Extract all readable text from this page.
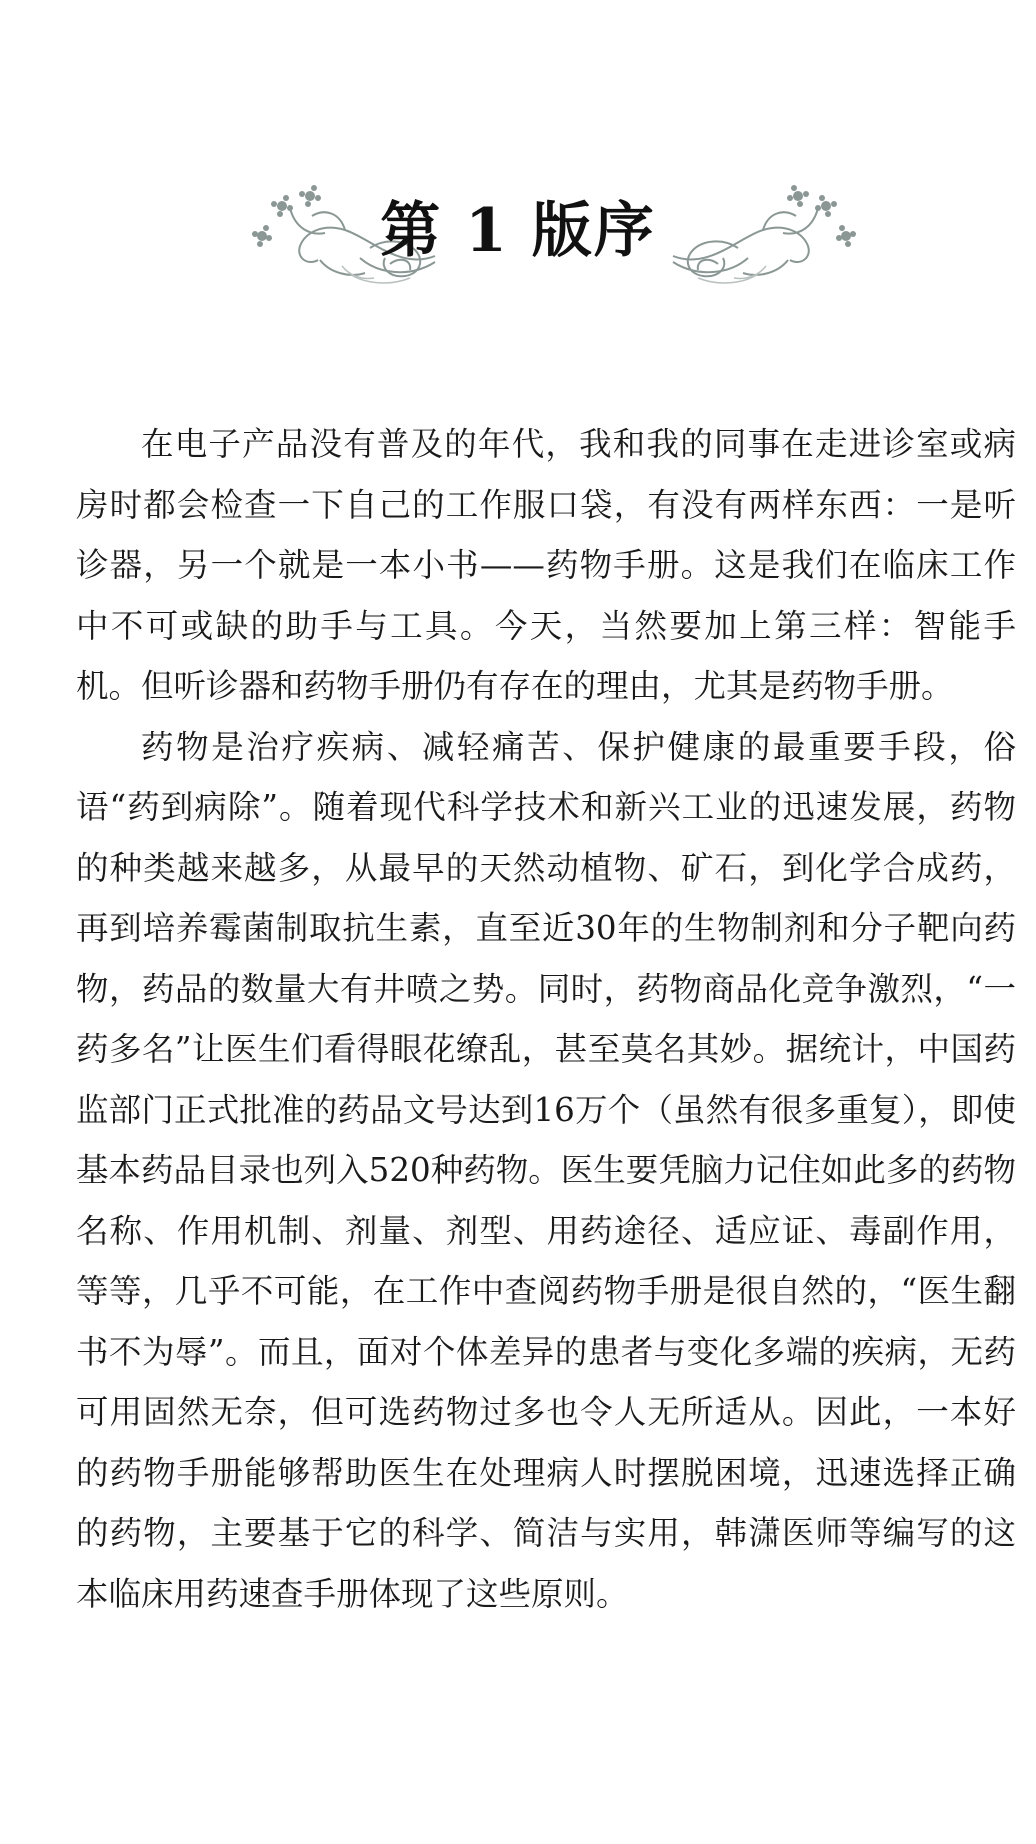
第 1 版序

在电子产品没有普及的年代，我和我的同事在走进诊室或病房时都会检查一下自己的工作服口袋，有没有两样东西：一是听诊器，另一个就是一本小书——药物手册。这是我们在临床工作中不可或缺的助手与工具。今天，当然要加上第三样：智能手机。但听诊器和药物手册仍有存在的理由，尤其是药物手册。

药物是治疗疾病、减轻痛苦、保护健康的最重要手段，俗语“药到病除”。随着现代科学技术和新兴工业的迅速发展，药物的种类越来越多，从最早的天然动植物、矿石，到化学合成药，再到培养霉菌制取抗生素，直至近30年的生物制剂和分子靶向药物，药品的数量大有井喷之势。同时，药物商品化竞争激烈，“一药多名”让医生们看得眼花缭乱，甚至莫名其妙。据统计，中国药监部门正式批准的药品文号达到16万个（虽然有很多重复），即使基本药品目录也列入520种药物。医生要凭脑力记住如此多的药物名称、作用机制、剂量、剂型、用药途径、适应证、毒副作用，等等，几乎不可能，在工作中查阅药物手册是很自然的，“医生翻书不为辱”。而且，面对个体差异的患者与变化多端的疾病，无药可用固然无奈，但可选药物过多也令人无所适从。因此，一本好的药物手册能够帮助医生在处理病人时摆脱困境，迅速选择正确的药物，主要基于它的科学、简洁与实用，韩潇医师等编写的这本临床用药速查手册体现了这些原则。
